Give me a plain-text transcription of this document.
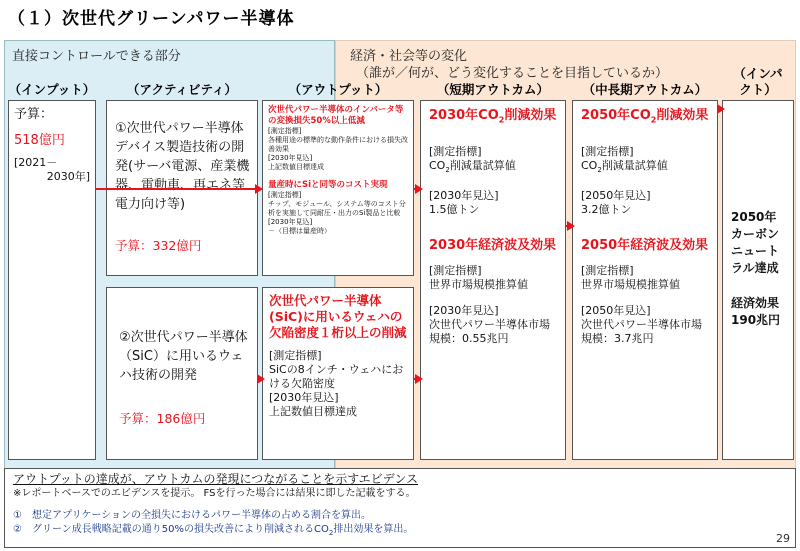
（１）次世代グリーンパワー半導体
直接コントロールできる部分	経済・社会等の変化
（誰が／何が、どう変化することを目指しているか）
（インプット）	（アクティビティ）	（アウトプット）	（短期アウトカム）	（中長期アウトカム）
（インパ
クト）
予算：
518億円
[2021－
2030年]
①次世代パワー半導体デバイス製造技術の開発(サーバ電源、産業機器、電動車、再エネ等電力向け等)
予算：332億円
②次世代パワー半導体（SiC）に用いるウェハ技術の開発
予算：186億円
次世代パワー半導体のインバータ等の変換損失50%以上低減
[測定指標]
各種用途の標準的な動作条件における損失改善効果
[2030年見込]
上記数値目標達成
量産時にSiと同等のコスト実現
[測定指標]
チップ、モジュール、システム等のコスト分析を実施して同耐圧・出力のSi製品と比較
[2030年見込]
－（目標は量産時）
次世代パワー半導体(SiC)に用いるウェハの欠陥密度１桁以上の削減
[測定指標]
SiCの8インチ・ウェハにおける欠陥密度
[2030年見込]
上記数値目標達成
2030年$CO_2$削減効果
[測定指標]
$CO_2$削減量試算値
[2030年見込]
1.5億トン
2030年経済波及効果
[測定指標]
世界市場規模推算値
[2030年見込]
次世代パワー半導体市場規模：0.55兆円
2050年$CO_2$削減効果
[測定指標]
$CO_2$削減量試算値
[2050年見込]
3.2億トン
2050年経済波及効果
[測定指標]
世界市場規模推算値
[2050年見込]
次世代パワー半導体市場規模：3.7兆円
2050年カーボンニュートラル達成
経済効果 190兆円
アウトプットの達成が、アウトカムの発現につながることを示すエビデンス
※レポートベースでのエビデンスを提示。 FSを行った場合には結果に即した記載をする。
①　想定アプリケーションの全損失におけるパワー半導体の占める割合を算出。
②　グリーン成長戦略記載の通り50%の損失改善により削減される$CO_2$排出効果を算出。
29
